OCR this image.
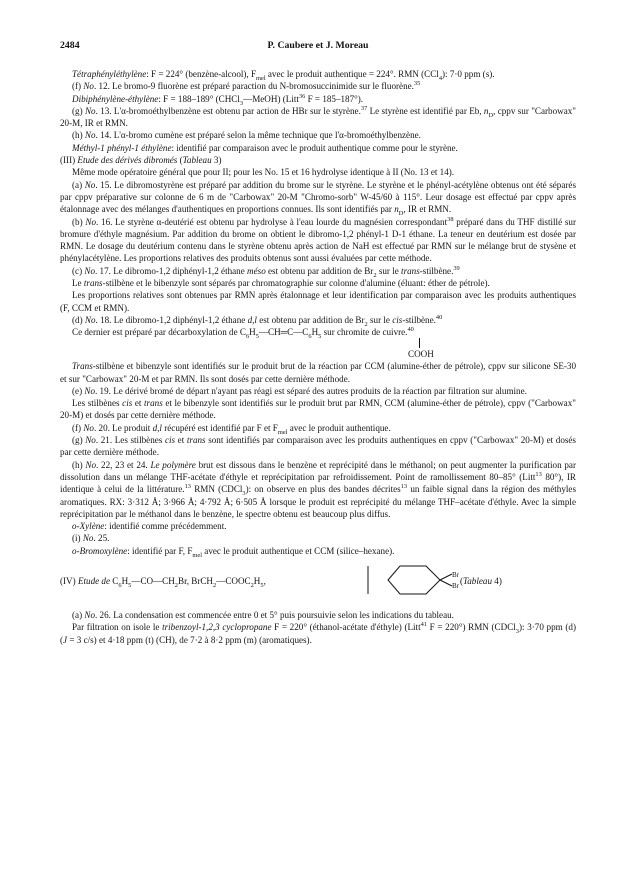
2484	P. Caubere et J. Moreau

Tétraphényléthylène: F = 224° (benzène-alcool), $F_{mel}$ avec le produit authentique = 224°. RMN (CCl$_4$): 7·0 ppm (s).

(f) No. 12. Le bromo-9 fluorène est préparé paraction du N-bromosuccinimide sur le fluorène.$^{35}$

Dibiphénylène-éthylène: F = 188–189° (CHCl$_3$—MeOH) (Litt$^{36}$ F = 185–187°).

(g) No. 13. L'α-bromoéthylbenzène est obtenu par action de HBr sur le styrène.$^{37}$ Le styrène est identifié par Eb, $n_D$, cppv sur "Carbowax" 20-M, IR et RMN.

(h) No. 14. L'α-bromo cumène est préparé selon la même technique que l'α-bromoéthylbenzène.

Méthyl-1 phényl-1 éthylène: identifié par comparaison avec le produit authentique comme pour le styrène.

(III) Etude des dérivés dibromés (Tableau 3)

Même mode opératoire général que pour II; pour les No. 15 et 16 hydrolyse identique à II (No. 13 et 14).

(a) No. 15. Le dibromostyrène est préparé par addition du brome sur le styrène. Le styrène et le phényl-acétylène obtenus ont été séparés par cppv préparative sur colonne de 6 m de "Carbowax" 20-M "Chromo-sorb" W-45/60 à 115°. Leur dosage est effectué par cppv après étalonnage avec des mélanges d'authentiques en proportions connues. Ils sont identifiés par $n_D$, IR et RMN.

(b) No. 16. Le styrène α-deutérié est obtenu par hydrolyse à l'eau lourde du magnésien correspondant$^{38}$ préparé dans du THF distillé sur bromure d'éthyle magnésium. Par addition du brome on obtient le dibromo-1,2 phényl-1 D-1 éthane. La teneur en deutérium est dosée par RMN. Le dosage du deutérium contenu dans le styrène obtenu après action de NaH est effectué par RMN sur le mélange brut de stysène et phénylacétylène. Les proportions relatives des produits obtenus sont aussi évaluées par cette méthode.

(c) No. 17. Le dibromo-1,2 diphényl-1,2 éthane méso est obtenu par addition de $Br_2$ sur le trans-stilbène.$^{39}$

Le trans-stilbène et le bibenzyle sont séparés par chromatographie sur colonne d'alumine (éluant: éther de pétrole).

Les proportions relatives sont obtenues par RMN après étalonnage et leur identification par comparaison avec les produits authentiques (F, CCM et RMN).

(d) No. 18. Le dibromo-1,2 diphényl-1,2 éthane d,l est obtenu par addition de $Br_2$ sur le cis-stilbène.$^{40}$

Ce dernier est préparé par décarboxylation de $C_6H_5—CH═C—C_6H_5$ sur chromite de cuivre.$^{40}$
COOH

Trans-stilbène et bibenzyle sont identifiés sur le produit brut de la réaction par CCM (alumine-éther de pétrole), cppv sur silicone SE-30 et sur "Carbowax" 20-M et par RMN. Ils sont dosés par cette dernière méthode.

(e) No. 19. Le dérivé bromé de départ n'ayant pas réagi est séparé des autres produits de la réaction par filtration sur alumine.

Les stilbènes cis et trans et le bibenzyle sont identifiés sur le produit brut par RMN, CCM (alumine-éther de pétrole), cppv ("Carbowax" 20-M) et dosés par cette dernière méthode.

(f) No. 20. Le produit d,l récupéré est identifié par F et $F_{mel}$ avec le produit authentique.

(g) No. 21. Les stilbènes cis et trans sont identifiés par comparaison avec les produits authentiques en cppv ("Carbowax" 20-M) et dosés par cette dernière méthode.

(h) No. 22, 23 et 24. Le polymère brut est dissous dans le benzène et reprécipité dans le méthanol; on peut augmenter la purification par dissolution dans un mélange THF-acétate d'éthyle et reprécipitation par refroidissement. Point de ramollissement 80–85° (Litt$^{13}$ 80°), IR identique à celui de la littérature.$^{13}$ RMN (CDCl$_3$): on observe en plus des bandes décrites$^{13}$ un faible signal dans la région des méthyles aromatiques. RX: 3·312 Å; 3·966 Å; 4·792 Å; 6·505 Å lorsque le produit est reprécipité du mélange THF–acétate d'éthyle. Avec la simple reprécipitation par le méthanol dans le benzène, le spectre obtenu est beaucoup plus diffus.

o-Xylène: identifié comme précédemment.

(i) No. 25.

o-Bromoxylène: identifié par F, $F_{mel}$ avec le produit authentique et CCM (silice–hexane).

(IV) Etude de $C_6H_5—CO—CH_2Br$, $BrCH_2—COOC_2H_5$,
Br
Br (Tableau 4)

(a) No. 26. La condensation est commencée entre 0 et 5° puis poursuivie selon les indications du tableau.

Par filtration on isole le tribenzoyl-1,2,3 cyclopropane F = 220° (éthanol-acétate d'éthyle) (Litt$^{41}$ F = 220°) RMN (CDCl$_3$): 3·70 ppm (d) (J = 3 c/s) et 4·18 ppm (t) (CH), de 7·2 à 8·2 ppm (m) (aromatiques).
